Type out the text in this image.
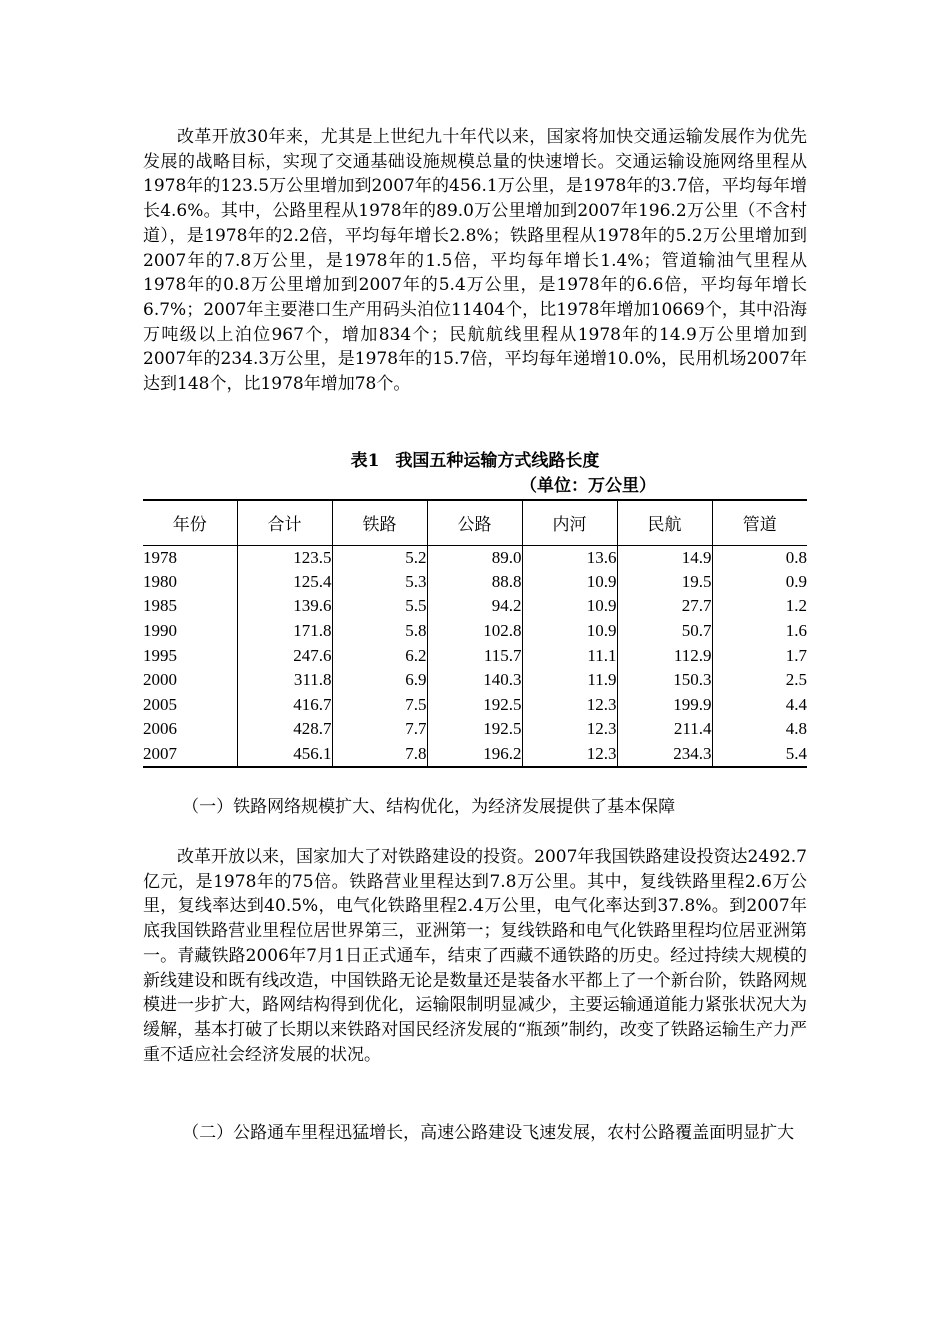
改革开放30年来，尤其是上世纪九十年代以来，国家将加快交通运输发展作为优先发展的战略目标，实现了交通基础设施规模总量的快速增长。交通运输设施网络里程从1978年的123.5万公里增加到2007年的456.1万公里，是1978年的3.7倍，平均每年增长4.6%。其中，公路里程从1978年的89.0万公里增加到2007年196.2万公里（不含村道），是1978年的2.2倍，平均每年增长2.8%；铁路里程从1978年的5.2万公里增加到2007年的7.8万公里，是1978年的1.5倍，平均每年增长1.4%；管道输油气里程从1978年的0.8万公里增加到2007年的5.4万公里，是1978年的6.6倍，平均每年增长6.7%；2007年主要港口生产用码头泊位11404个，比1978年增加10669个，其中沿海万吨级以上泊位967个，增加834个；民航航线里程从1978年的14.9万公里增加到2007年的234.3万公里，是1978年的15.7倍，平均每年递增10.0%，民用机场2007年达到148个，比1978年增加78个。

表1 我国五种运输方式线路长度
（单位：万公里）
年份	合计	铁路	公路	内河	民航	管道
1978	123.5	5.2	89.0	13.6	14.9	0.8
1980	125.4	5.3	88.8	10.9	19.5	0.9
1985	139.6	5.5	94.2	10.9	27.7	1.2
1990	171.8	5.8	102.8	10.9	50.7	1.6
1995	247.6	6.2	115.7	11.1	112.9	1.7
2000	311.8	6.9	140.3	11.9	150.3	2.5
2005	416.7	7.5	192.5	12.3	199.9	4.4
2006	428.7	7.7	192.5	12.3	211.4	4.8
2007	456.1	7.8	196.2	12.3	234.3	5.4

（一）铁路网络规模扩大、结构优化，为经济发展提供了基本保障

改革开放以来，国家加大了对铁路建设的投资。2007年我国铁路建设投资达2492.7亿元，是1978年的75倍。铁路营业里程达到7.8万公里。其中，复线铁路里程2.6万公里，复线率达到40.5%，电气化铁路里程2.4万公里，电气化率达到37.8%。到2007年底我国铁路营业里程位居世界第三，亚洲第一；复线铁路和电气化铁路里程均位居亚洲第一。青藏铁路2006年7月1日正式通车，结束了西藏不通铁路的历史。经过持续大规模的新线建设和既有线改造，中国铁路无论是数量还是装备水平都上了一个新台阶，铁路网规模进一步扩大，路网结构得到优化，运输限制明显减少，主要运输通道能力紧张状况大为缓解，基本打破了长期以来铁路对国民经济发展的“瓶颈”制约，改变了铁路运输生产力严重不适应社会经济发展的状况。

（二）公路通车里程迅猛增长，高速公路建设飞速发展，农村公路覆盖面明显扩大
